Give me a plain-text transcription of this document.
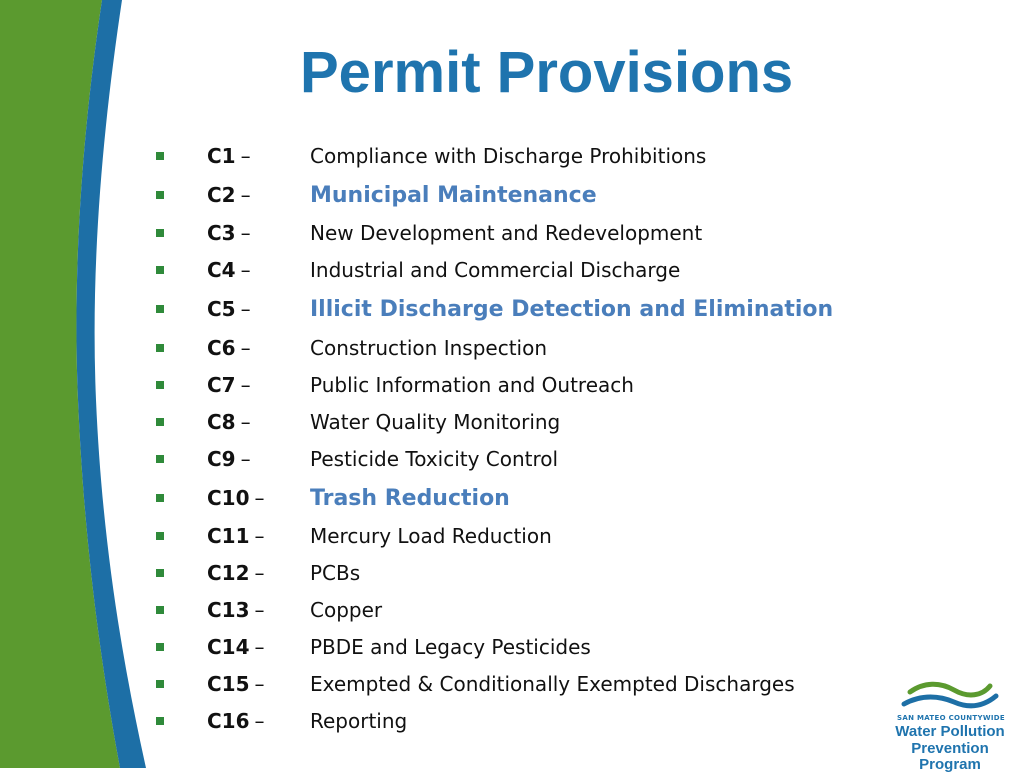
Permit Provisions
C1 –	Compliance with Discharge Prohibitions
C2 –	Municipal Maintenance
C3 –	New Development and Redevelopment
C4 –	Industrial and Commercial Discharge
C5 –	Illicit Discharge Detection and Elimination
C6 –	Construction Inspection
C7 –	Public Information and Outreach
C8 –	Water Quality Monitoring
C9 –	Pesticide Toxicity Control
C10 –	Trash Reduction
C11 –	Mercury Load Reduction
C12 –	PCBs
C13 –	Copper
C14 –	PBDE and Legacy Pesticides
C15 –	Exempted & Conditionally Exempted Discharges
C16 –	Reporting	SAN MATEO COUNTYWIDE
Water Pollution
Prevention Program
